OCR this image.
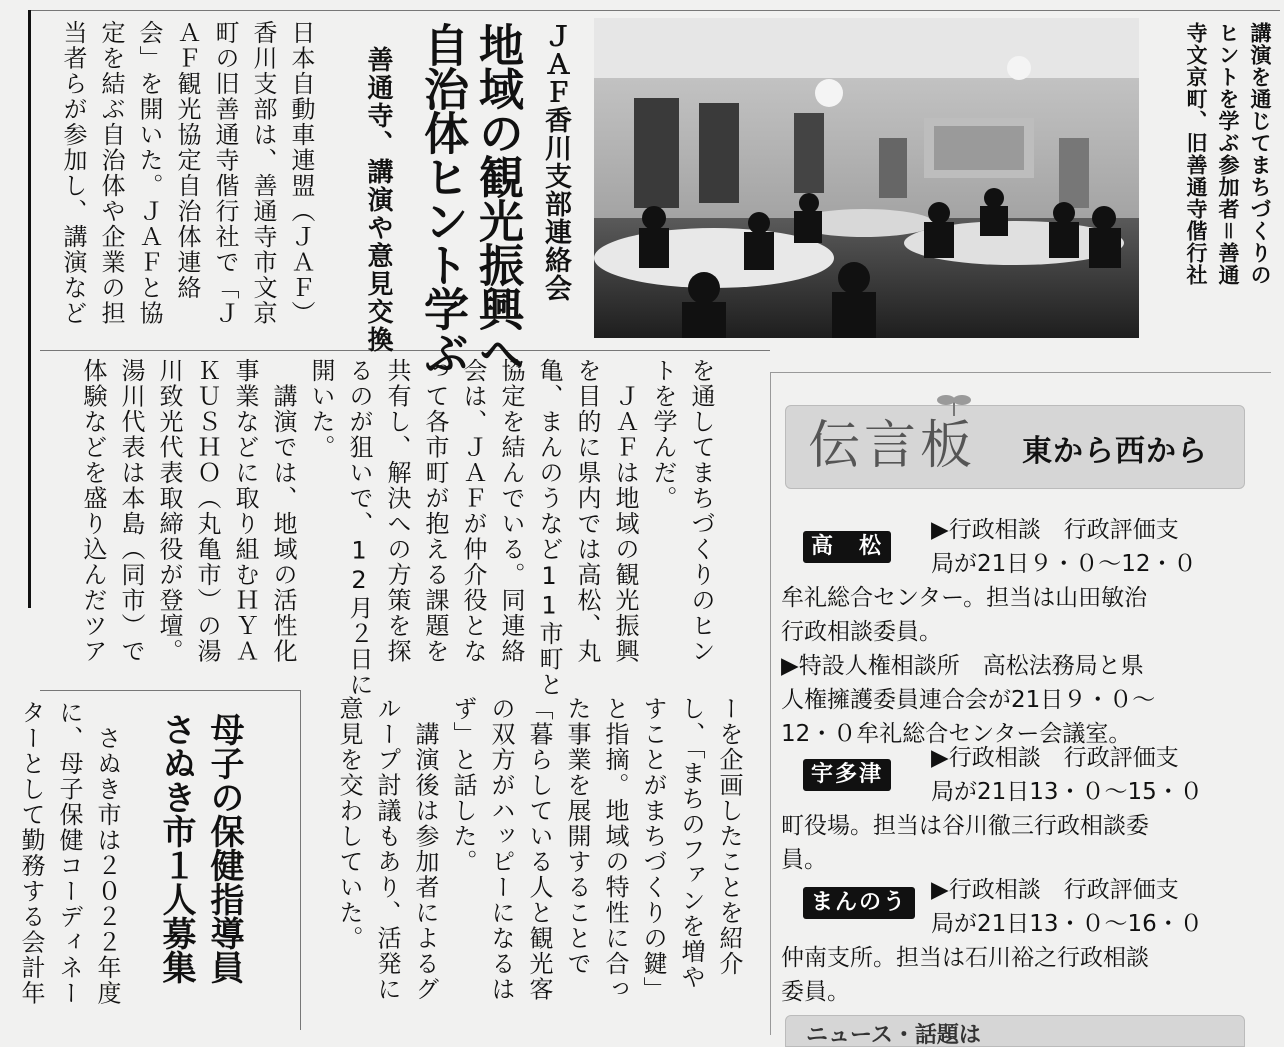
講演を通じてまちづくりの
ヒントを学ぶ参加者＝善通
寺文京町、旧善通寺偕行社
ＪＡＦ香川支部連絡会
地域の観光振興へ
自治体ヒント学ぶ
善通寺、講演や意見交換
日本自動車連盟（ＪＡＦ）
香川支部は、善通寺市文京
町の旧善通寺偕行社で「Ｊ
ＡＦ観光協定自治体連絡
会」を開いた。ＪＡＦと協
定を結ぶ自治体や企業の担
当者らが参加し、講演など
を通してまちづくりのヒン
トを学んだ。
　ＪＡＦは地域の観光振興
を目的に県内では高松、丸
亀、まんのうなど11市町と
協定を結んでいる。同連絡
会は、ＪＡＦが仲介役とな
って各市町が抱える課題を
共有し、解決への方策を探
るのが狙いで、12月２日に
開いた。
　講演では、地域の活性化
事業などに取り組むＨＹＡ
ＫＵＳＨＯ（丸亀市）の湯
川致光代表取締役が登壇。
湯川代表は本島（同市）で
体験などを盛り込んだツア
ーを企画したことを紹介
し、「まちのファンを増や
すことがまちづくりの鍵」
と指摘。地域の特性に合っ
た事業を展開することで
「暮らしている人と観光客
の双方がハッピーになるは
ず」と話した。
　講演後は参加者によるグ
ループ討議もあり、活発に
意見を交わしていた。
母子の保健指導員
さぬき市１人募集
　さぬき市は２０２２年度
に、母子保健コーディネー
ターとして勤務する会計年
伝言板 東から西から
高　松
▶行政相談　行政評価支
局が21日９・０〜12・０
牟礼総合センター。担当は山田敏治
行政相談委員。
▶特設人権相談所　高松法務局と県
人権擁護委員連合会が21日９・０〜
12・０牟礼総合センター会議室。
宇多津
▶行政相談　行政評価支
局が21日13・０〜15・０
町役場。担当は谷川徹三行政相談委
員。
まんのう	▶行政相談　行政評価支
局が21日13・０〜16・０
仲南支所。担当は石川裕之行政相談
委員。
ニュース・話題は
